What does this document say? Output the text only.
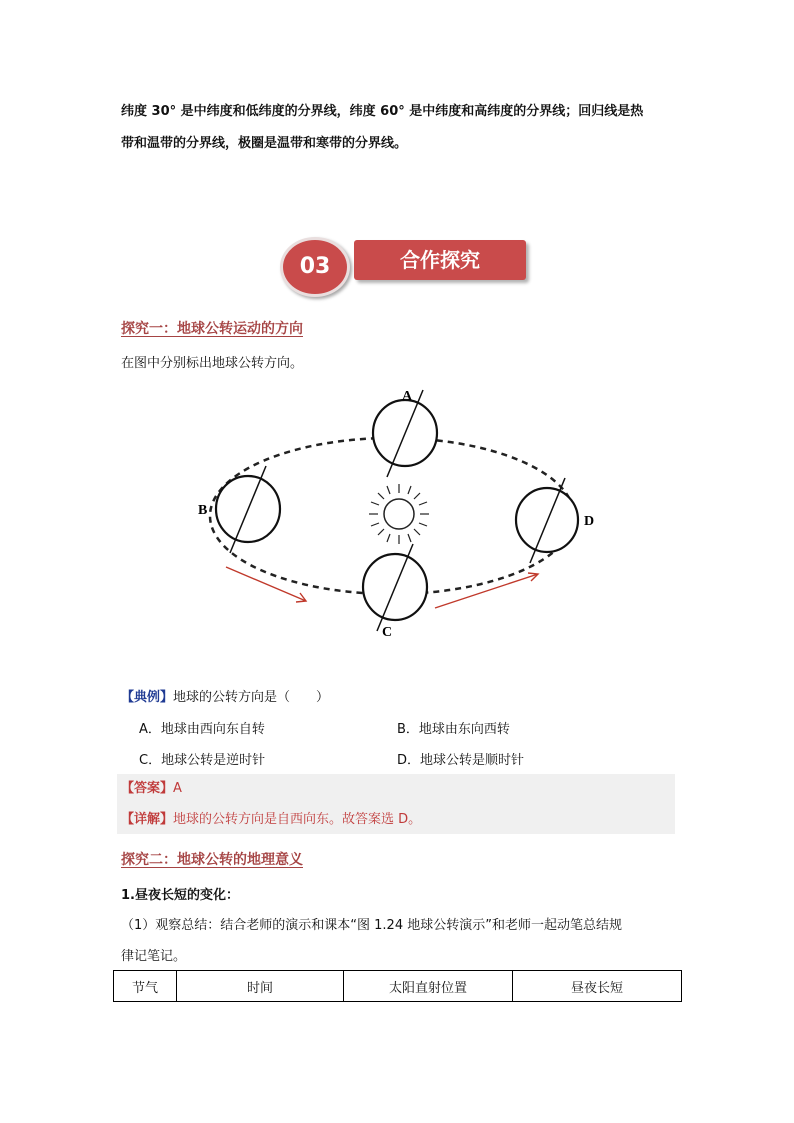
纬度 30° 是中纬度和低纬度的分界线，纬度 60° 是中纬度和高纬度的分界线；回归线是热
带和温带的分界线，极圈是温带和寒带的分界线。
03	合作探究
探究一：地球公转运动的方向
在图中分别标出地球公转方向。
A
B
C
D
【典例】地球的公转方向是（　　）
A．地球由西向东自转	B．地球由东向西转
C．地球公转是逆时针	D．地球公转是顺时针
【答案】A
【详解】地球的公转方向是自西向东。故答案选 D。
探究二：地球公转的地理意义
1.昼夜长短的变化：
（1）观察总结：结合老师的演示和课本“图 1.24 地球公转演示”和老师一起动笔总结规
律记笔记。
节气	时间	太阳直射位置	昼夜长短
